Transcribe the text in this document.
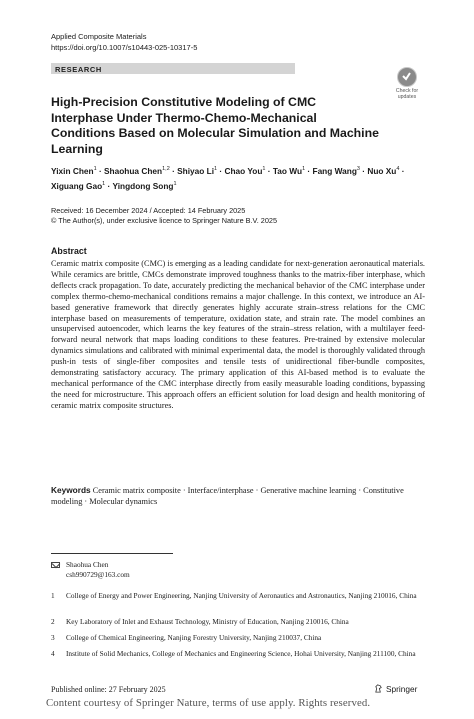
Applied Composite Materials
https://doi.org/10.1007/s10443-025-10317-5
RESEARCH
Check for
updates
High-Precision Constitutive Modeling of CMC Interphase Under Thermo-Chemo-Mechanical Conditions Based on Molecular Simulation and Machine Learning
Yixin Chen$^1$ · Shaohua Chen$^{1,2}$ · Shiyao $Li^1$ · Chao You$^1$ · Tao $Wu^1$ · Fang Wang$^3$ · Nuo $Xu^4$ · Xiguang Gao$^1$ · Yingdong Song$^1$
Received: 16 December 2024 / Accepted: 14 February 2025
© The Author(s), under exclusive licence to Springer Nature B.V. 2025
Abstract
Ceramic matrix composite (CMC) is emerging as a leading candidate for next-generation aeronautical materials. While ceramics are brittle, CMCs demonstrate improved toughness thanks to the matrix-fiber interphase, which deflects crack propagation. To date, accurately predicting the mechanical behavior of the CMC interphase under complex thermo-chemo-mechanical conditions remains a major challenge. In this context, we introduce an AI-based generative framework that directly generates highly accurate strain–stress relations for the CMC interphase based on measurements of temperature, oxidation state, and strain rate. The model combines an unsupervised autoencoder, which learns the key features of the strain–stress relation, with a multilayer feed-forward neural network that maps loading conditions to these features. Pre-trained by extensive molecular dynamics simulations and calibrated with minimal experimental data, the model is thoroughly validated through push-in tests of single-fiber composites and tensile tests of unidirectional fiber-bundle composites, demonstrating satisfactory accuracy. The primary application of this AI-based method is to evaluate the mechanical performance of the CMC interphase directly from easily measurable loading conditions, bypassing the need for microstructure. This approach offers an efficient solution for load design and health monitoring of ceramic matrix composite structures.
Keywords Ceramic matrix composite · Interface/interphase · Generative machine learning · Constitutive modeling · Molecular dynamics
Shaohua Chen
csh990729@163.com
1	College of Energy and Power Engineering, Nanjing University of Aeronautics and Astronautics, Nanjing 210016, China
2	Key Laboratory of Inlet and Exhaust Technology, Ministry of Education, Nanjing 210016, China
3	College of Chemical Engineering, Nanjing Forestry University, Nanjing 210037, China
4	Institute of Solid Mechanics, College of Mechanics and Engineering Science, Hohai University, Nanjing 211100, China
Published online: 27 February 2025	Springer
Content courtesy of Springer Nature, terms of use apply. Rights reserved.
